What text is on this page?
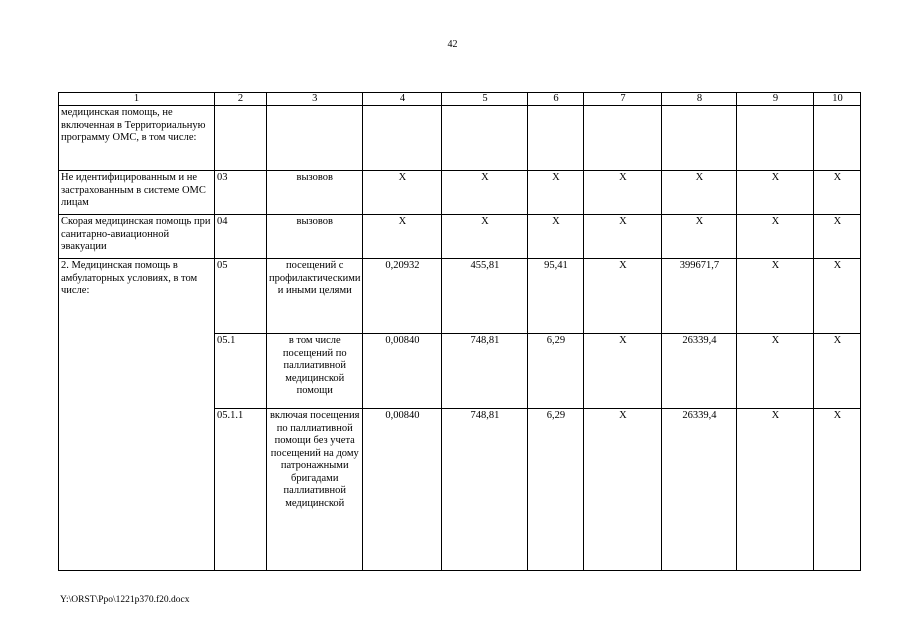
42
1	2	3	4	5	6	7	8	9	10
медицинская помощь, не включенная в Территориальную программу ОМС, в том числе:									
Не идентифицированным и не застрахованным в системе ОМС лицам	03	вызовов	Х	Х	Х	Х	Х	Х	Х
Скорая медицинская помощь при санитарно-авиационной эвакуации	04	вызовов	Х	Х	Х	Х	Х	Х	Х
2. Медицинская помощь в амбулаторных условиях, в том числе:	05	посещений с профилактическими и иными целями	0,20932	455,81	95,41	Х	399671,7	Х	Х
	05.1	в том числе посещений по паллиативной медицинской помощи	0,00840	748,81	6,29	Х	26339,4	Х	Х
	05.1.1	включая посещения по паллиативной помощи без учета посещений на дому патронажными бригадами паллиативной медицинской	0,00840	748,81	6,29	Х	26339,4	Х	Х
Y:\ORST\Ppo\1221p370.f20.docx
